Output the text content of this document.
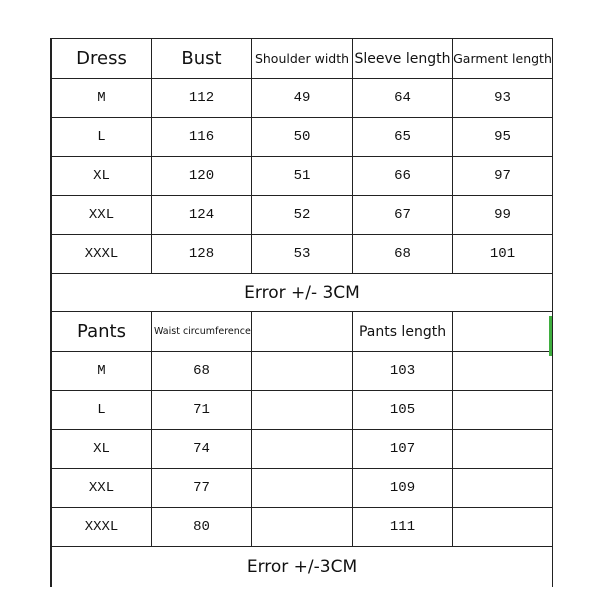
Dress	Bust	Shoulder width	Sleeve length	Garment length
M	112	49	64	93
L	116	50	65	95
XL	120	51	66	97
XXL	124	52	67	99
XXXL	128	53	68	101
Error +/- 3CM				
Pants	Waist circumference		Pants length	
M	68		103	
L	71		105	
XL	74		107	
XXL	77		109	
XXXL	80		111	
Error +/-3CM				
